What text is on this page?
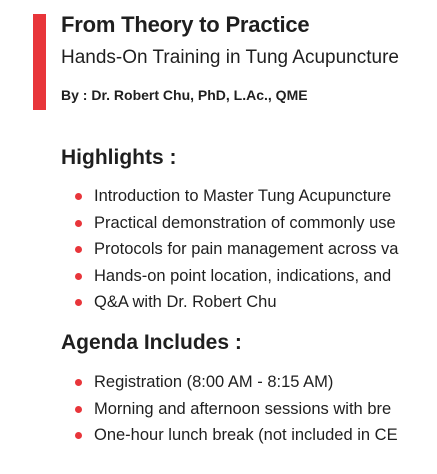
From Theory to Practice
Hands-On Training in Tung Acupuncture
By : Dr. Robert Chu, PhD, L.Ac., QME
Highlights :
Introduction to Master Tung Acupuncture
Practical demonstration of commonly use
Protocols for pain management across va
Hands-on point location, indications, and
Q&A with Dr. Robert Chu
Agenda Includes :
Registration (8:00 AM - 8:15 AM)
Morning and afternoon sessions with bre
One-hour lunch break (not included in CE
